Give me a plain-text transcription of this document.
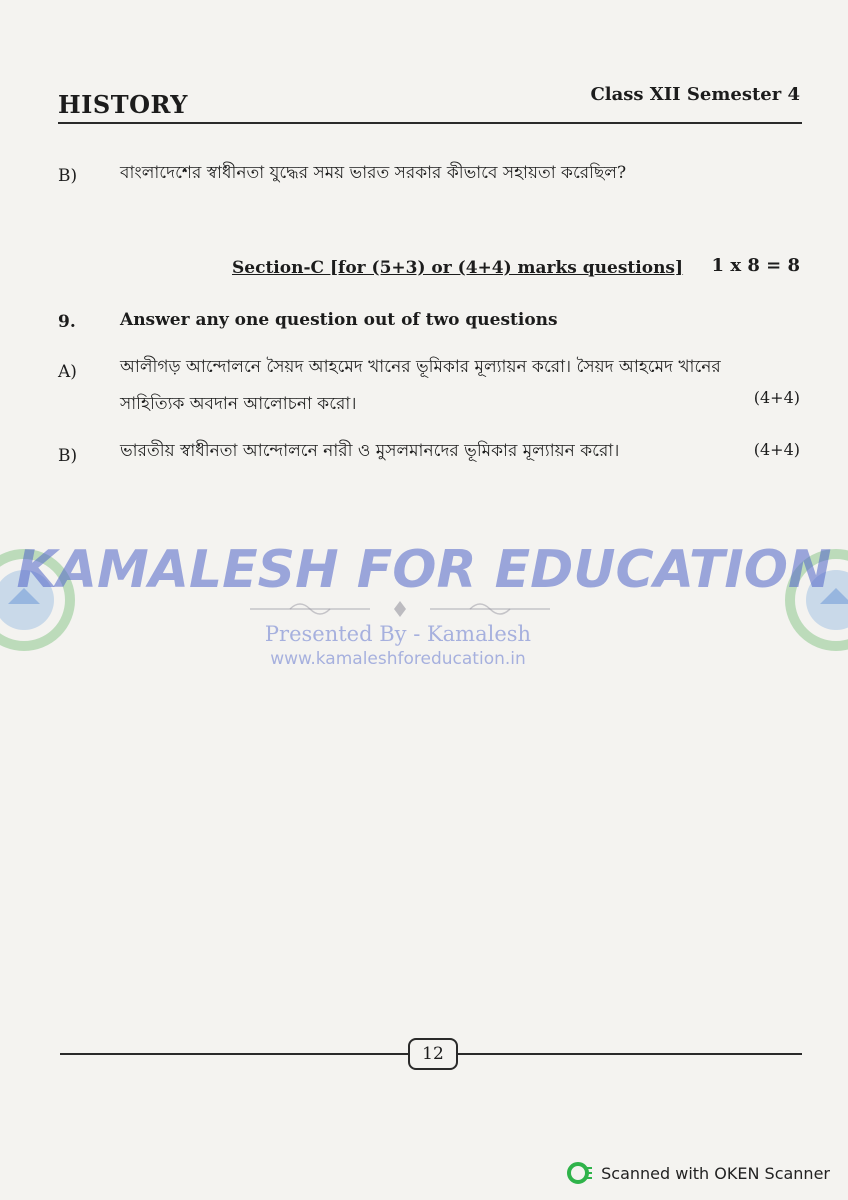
HISTORY	Class XII Semester 4
B)	বাংলাদেশের স্বাধীনতা যুদ্ধের সময় ভারত সরকার কীভাবে সহায়তা করেছিল?
Section-C [for (5+3) or (4+4) marks questions] 1 x 8 = 8
9.	Answer any one question out of two questions
A)	আলীগড় আন্দোলনে সৈয়দ আহমেদ খানের ভূমিকার মূল্যায়ন করো। সৈয়দ আহমেদ খানের
সাহিত্যিক অবদান আলোচনা করো।	(4+4)
B)	ভারতীয় স্বাধীনতা আন্দোলনে নারী ও মুসলমানদের ভূমিকার মূল্যায়ন করো।	(4+4)
KAMALESH FOR EDUCATION
Presented By - Kamalesh
www.kamaleshforeducation.in
12
Scanned with OKEN Scanner
